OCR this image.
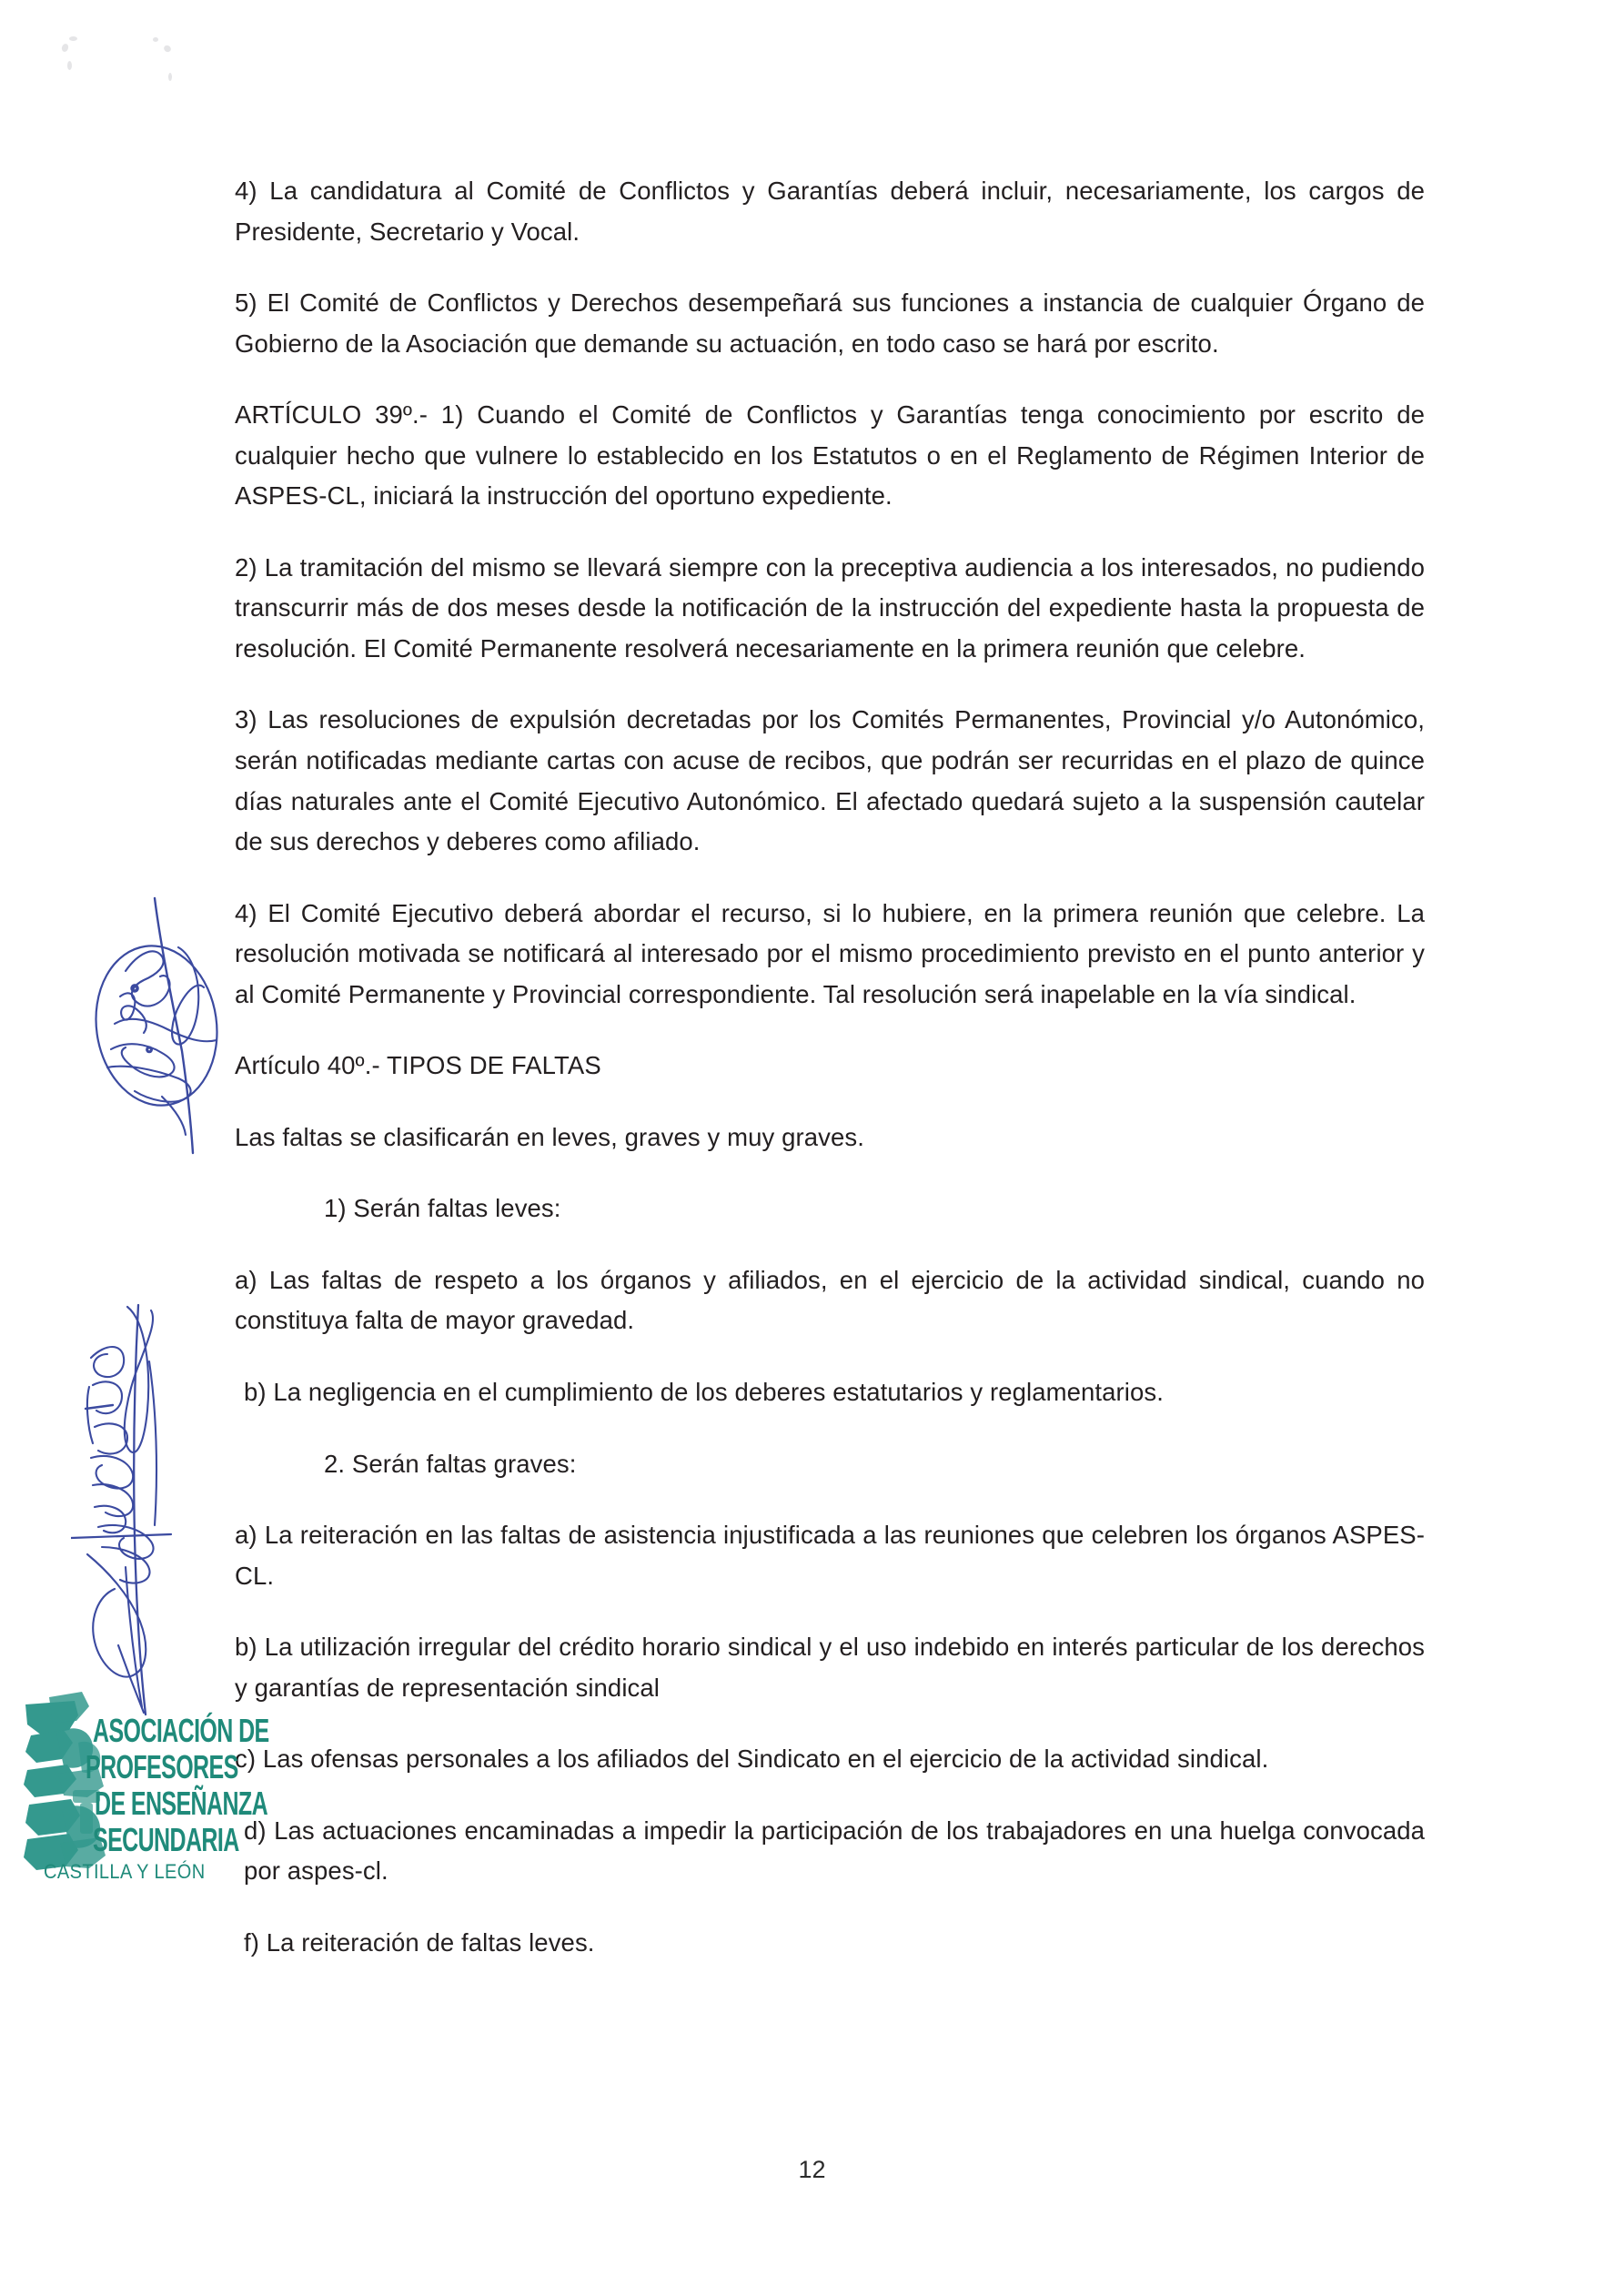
4) La candidatura al Comité de Conflictos y Garantías deberá incluir, necesariamente, los cargos de Presidente, Secretario y Vocal.

5) El Comité de Conflictos y Derechos desempeñará sus funciones a instancia de cualquier Órgano de Gobierno de la Asociación que demande su actuación, en todo caso se hará por escrito.

ARTÍCULO 39º.- 1) Cuando el Comité de Conflictos y Garantías tenga conocimiento por escrito de cualquier hecho que vulnere lo establecido en los Estatutos o en el Reglamento de Régimen Interior de ASPES-CL, iniciará la instrucción del oportuno expediente.

2) La tramitación del mismo se llevará siempre con la preceptiva audiencia a los interesados, no pudiendo transcurrir más de dos meses desde la notificación de la instrucción del expediente hasta la propuesta de resolución. El Comité Permanente resolverá necesariamente en la primera reunión que celebre.

3) Las resoluciones de expulsión decretadas por los Comités Permanentes, Provincial y/o Autonómico, serán notificadas mediante cartas con acuse de recibos, que podrán ser recurridas en el plazo de quince días naturales ante el Comité Ejecutivo Autonómico. El afectado quedará sujeto a la suspensión cautelar de sus derechos y deberes como afiliado.

4) El Comité Ejecutivo deberá abordar el recurso, si lo hubiere, en la primera reunión que celebre. La resolución motivada se notificará al interesado por el mismo procedimiento previsto en el punto anterior y al Comité Permanente y Provincial correspondiente. Tal resolución será inapelable en la vía sindical.

Artículo 40º.- TIPOS DE FALTAS

Las faltas se clasificarán en leves, graves y muy graves.

1) Serán faltas leves:

a) Las faltas de respeto a los órganos y afiliados, en el ejercicio de la actividad sindical, cuando no constituya falta de mayor gravedad.

b) La negligencia en el cumplimiento de los deberes estatutarios y reglamentarios.

2. Serán faltas graves:

a) La reiteración en las faltas de asistencia injustificada a las reuniones que celebren los órganos ASPES-CL.

b) La utilización irregular del crédito horario sindical y el uso indebido en interés particular de los derechos y garantías de representación sindical

c) Las ofensas personales a los afiliados del Sindicato en el ejercicio de la actividad sindical.

d) Las actuaciones encaminadas a impedir la participación de los trabajadores en una huelga convocada por aspes-cl.

f) La reiteración de faltas leves.

12
ASOCIACIÓN DE
PROFESORES
DE ENSEÑANZA
SECUNDARIA
CASTILLA Y LEÓN
